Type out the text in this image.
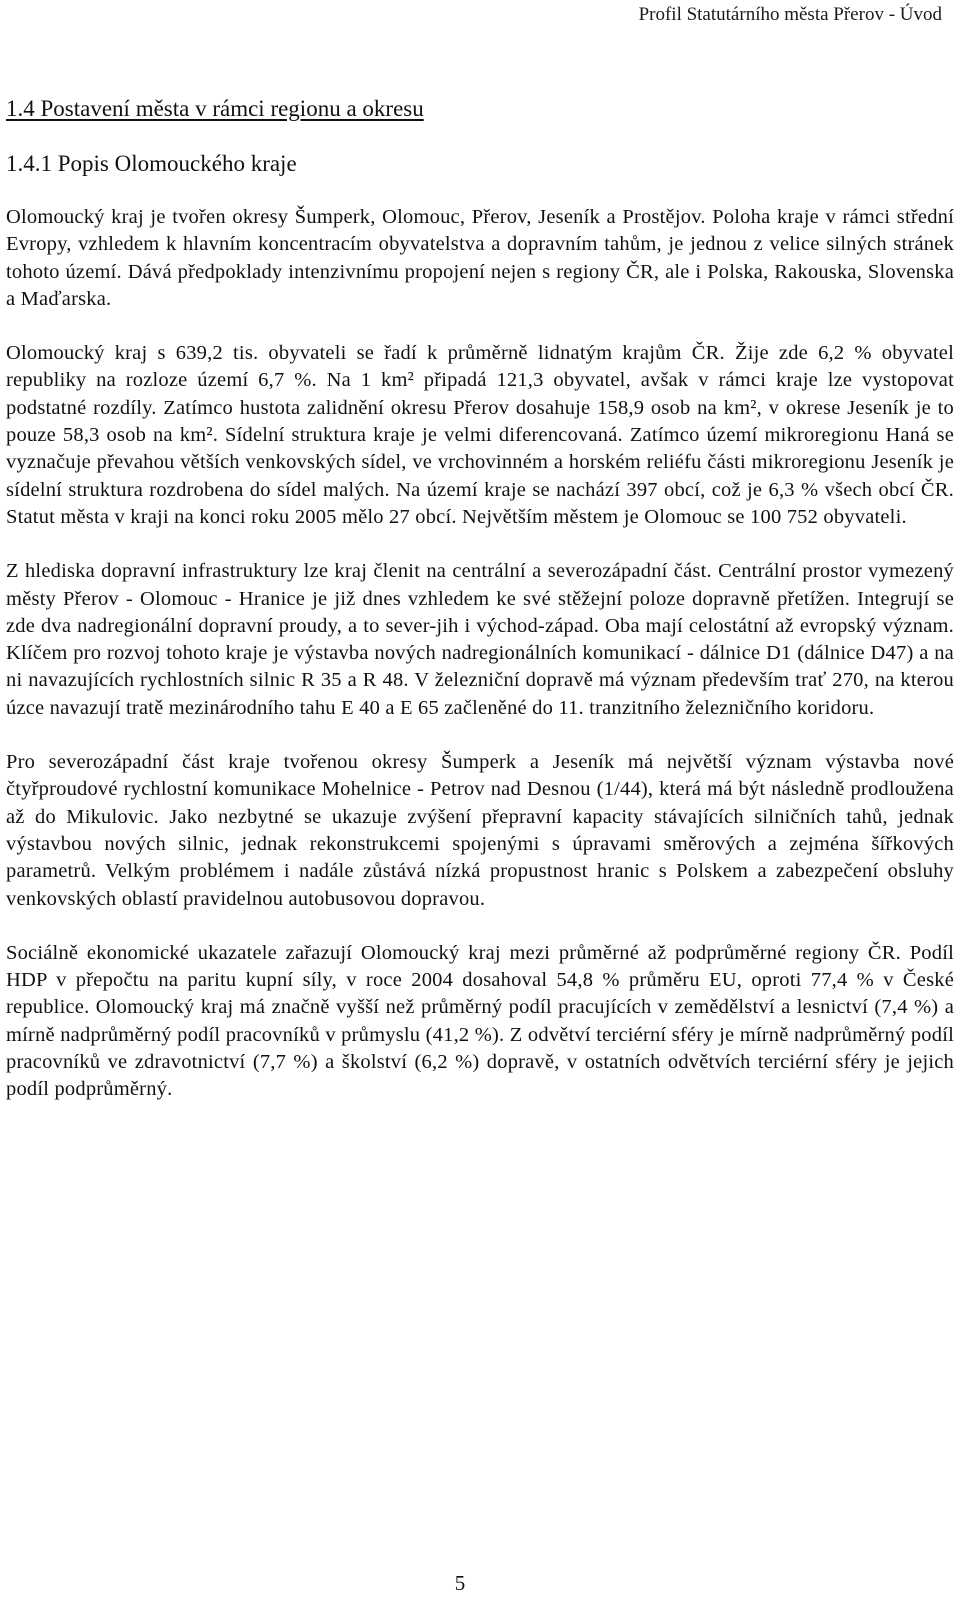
Profil Statutárního města Přerov - Úvod
1.4 Postavení města v rámci regionu a okresu
1.4.1 Popis Olomouckého kraje

Olomoucký kraj je tvořen okresy Šumperk, Olomouc, Přerov, Jeseník a Prostějov. Poloha kraje v rámci střední Evropy, vzhledem k hlavním koncentracím obyvatelstva a dopravním tahům, je jednou z velice silných stránek tohoto území. Dává předpoklady intenzivnímu propojení nejen s regiony ČR, ale i Polska, Rakouska, Slovenska a Maďarska.

Olomoucký kraj s 639,2 tis. obyvateli se řadí k průměrně lidnatým krajům ČR. Žije zde 6,2 % obyvatel republiky na rozloze území 6,7 %. Na 1 km² připadá 121,3 obyvatel, avšak v rámci kraje lze vystopovat podstatné rozdíly. Zatímco hustota zalidnění okresu Přerov dosahuje 158,9 osob na km², v okrese Jeseník je to pouze 58,3 osob na km². Sídelní struktura kraje je velmi diferencovaná. Zatímco území mikroregionu Haná se vyznačuje převahou větších venkovských sídel, ve vrchovinném a horském reliéfu části mikroregionu Jeseník je sídelní struktura rozdrobena do sídel malých. Na území kraje se nachází 397 obcí, což je 6,3 % všech obcí ČR. Statut města v kraji na konci roku 2005 mělo 27 obcí. Největším městem je Olomouc se 100 752 obyvateli.

Z hlediska dopravní infrastruktury lze kraj členit na centrální a severozápadní část. Centrální prostor vymezený městy Přerov - Olomouc - Hranice je již dnes vzhledem ke své stěžejní poloze dopravně přetížen. Integrují se zde dva nadregionální dopravní proudy, a to sever-jih i východ-západ. Oba mají celostátní až evropský význam. Klíčem pro rozvoj tohoto kraje je výstavba nových nadregionálních komunikací - dálnice D1 (dálnice D47) a na ni navazujících rychlostních silnic R 35 a R 48. V železniční dopravě má význam především trať 270, na kterou úzce navazují tratě mezinárodního tahu E 40 a E 65 začleněné do 11. tranzitního železničního koridoru.

Pro severozápadní část kraje tvořenou okresy Šumperk a Jeseník má největší význam výstavba nové čtyřproudové rychlostní komunikace Mohelnice - Petrov nad Desnou (1/44), která má být následně prodloužena až do Mikulovic. Jako nezbytné se ukazuje zvýšení přepravní kapacity stávajících silničních tahů, jednak výstavbou nových silnic, jednak rekonstrukcemi spojenými s úpravami směrových a zejména šířkových parametrů. Velkým problémem i nadále zůstává nízká propustnost hranic s Polskem a zabezpečení obsluhy venkovských oblastí pravidelnou autobusovou dopravou.

Sociálně ekonomické ukazatele zařazují Olomoucký kraj mezi průměrné až podprůměrné regiony ČR. Podíl HDP v přepočtu na paritu kupní síly, v roce 2004 dosahoval 54,8 % průměru EU, oproti 77,4 % v České republice. Olomoucký kraj má značně vyšší než průměrný podíl pracujících v zemědělství a lesnictví (7,4 %) a mírně nadprůměrný podíl pracovníků v průmyslu (41,2 %). Z odvětví terciérní sféry je mírně nadprůměrný podíl pracovníků ve zdravotnictví (7,7 %) a školství (6,2 %) dopravě, v ostatních odvětvích terciérní sféry je jejich podíl podprůměrný.

5
